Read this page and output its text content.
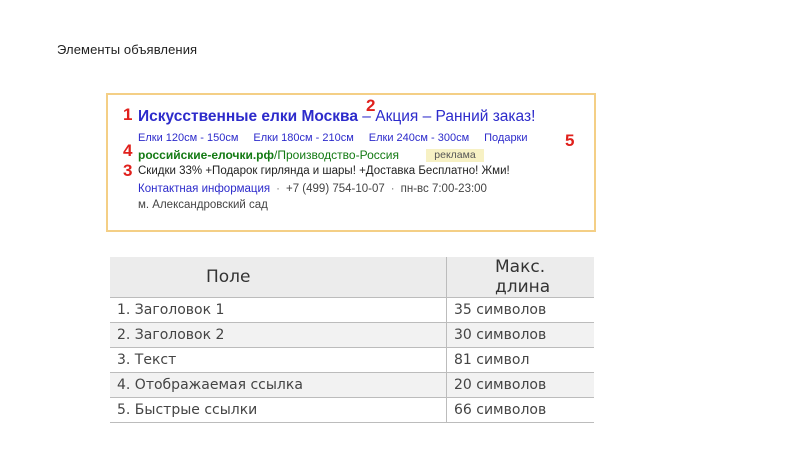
Элементы объявления
Искусственные елки Москва – Акция – Ранний заказ!
Елки 120см - 150см Елки 180см - 210см Елки 240см - 300см Подарки
российские-елочки.рф/Производство-Россия	реклама
Скидки 33% +Подарок гирлянда и шары! +Доставка Бесплатно! Жми!
Контактная информация · +7 (499) 754-10-07 · пн-вс 7:00-23:00
м. Александровский сад
1	2
5
4
3
Поле	Макс. длина
1. Заголовок 1	35 символов
2. Заголовок 2	30 символов
3. Текст	81 символ
4. Отображаемая ссылка	20 символов
5. Быстрые ссылки	66 символов
